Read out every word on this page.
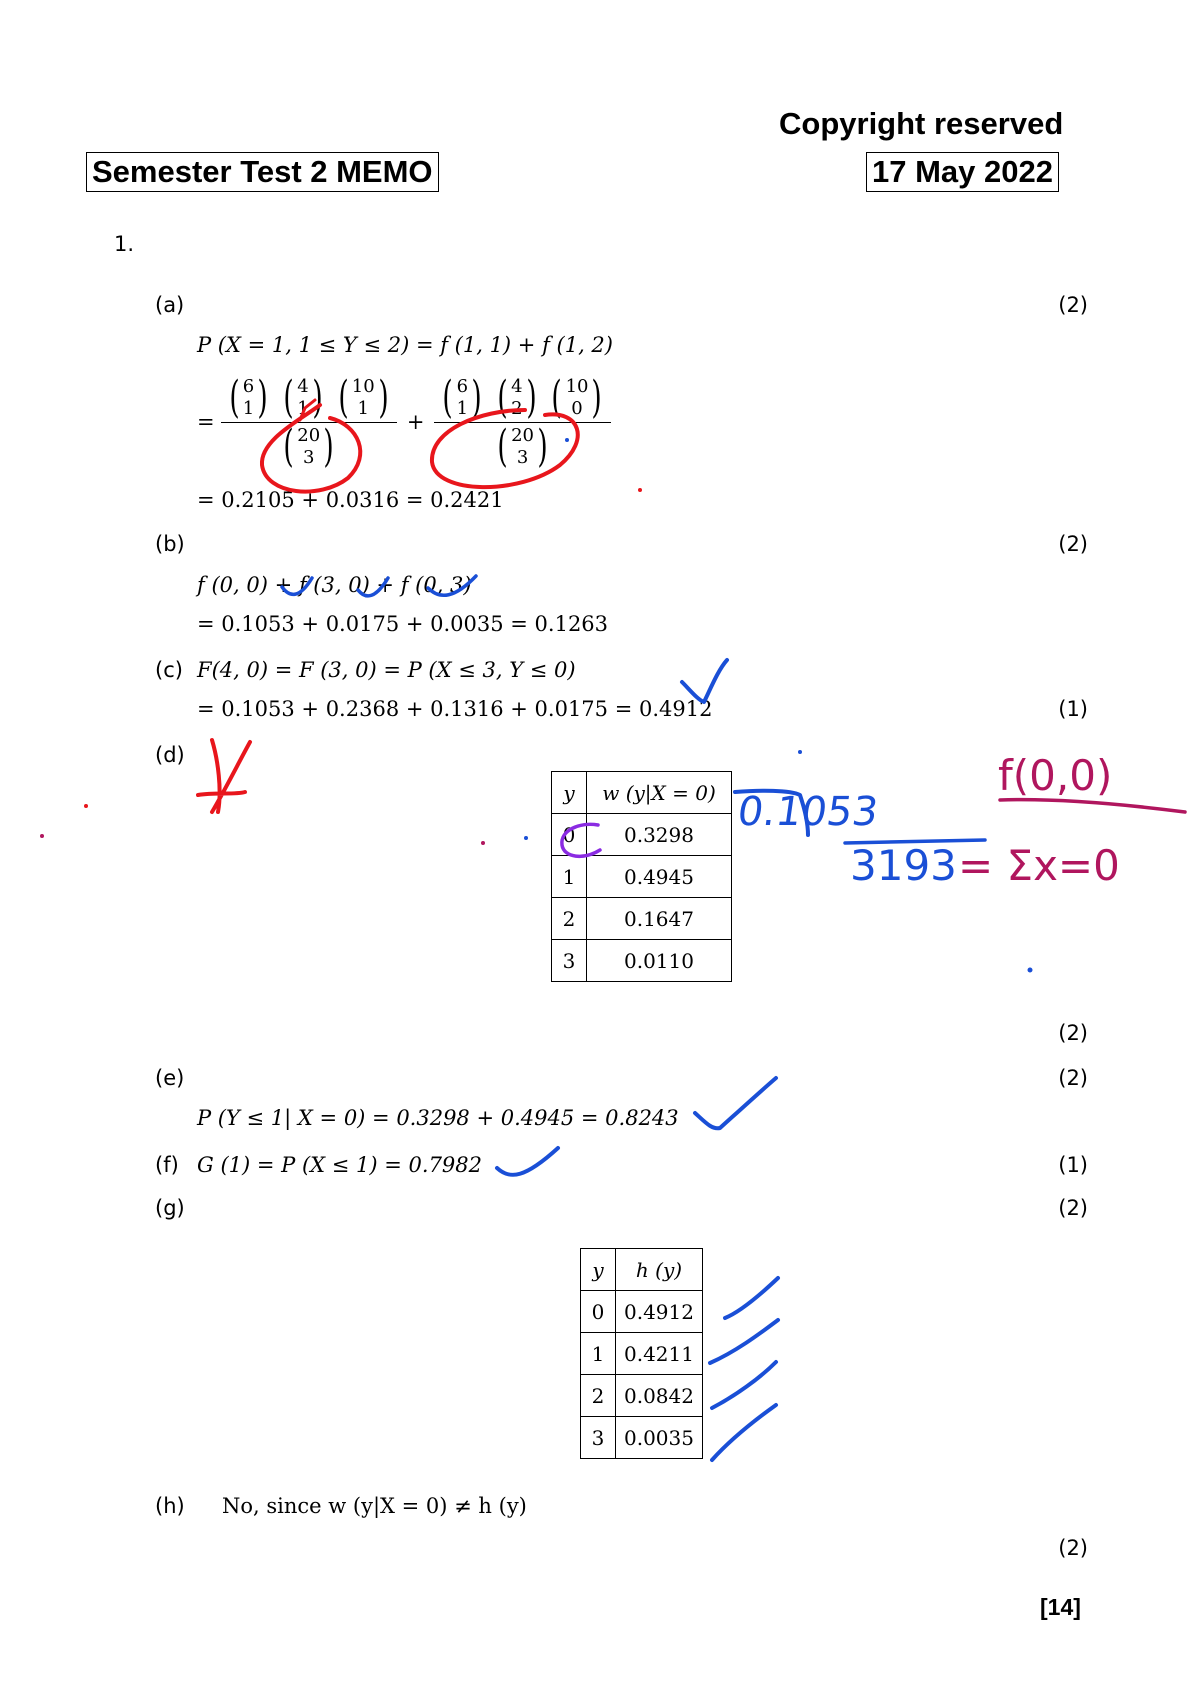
Copyright reserved
Semester Test 2 MEMO	17 May 2022
1.
(a)	(2)
P (X = 1, 1 ≤ Y ≤ 2) = f (1, 1) + f (1, 2)
= ( 6
1 )
( 4
1 )
( 10
1 )
( 20
3 ) + ( 6
1 )
( 4
2 )
( 10
0 )
( 20
3 )
= 0.2105 + 0.0316 = 0.2421
(b)	(2)
f (0, 0) + f (3, 0) + f (0, 3)
= 0.1053 + 0.0175 + 0.0035 = 0.1263
(c) F(4, 0) = F (3, 0) = P (X ≤ 3, Y ≤ 0)
= 0.1053 + 0.2368 + 0.1316 + 0.0175 = 0.4912	(1)
(d)
y	w (y|X = 0)
0	0.3298
1	0.4945
2	0.1647
3	0.0110
(2)
(e)	(2)
P (Y ≤ 1| X = 0) = 0.3298 + 0.4945 = 0.8243
(f) G (1) = P (X ≤ 1) = 0.7982	(1)
(g)	(2)
y	h (y)
0	0.4912
1	0.4211
2	0.0842
3	0.0035
(h) No, since w (y|X = 0) ≠ h (y)
(2)
[14]
0.1053
3193 = Σx=0
f(0,0)
